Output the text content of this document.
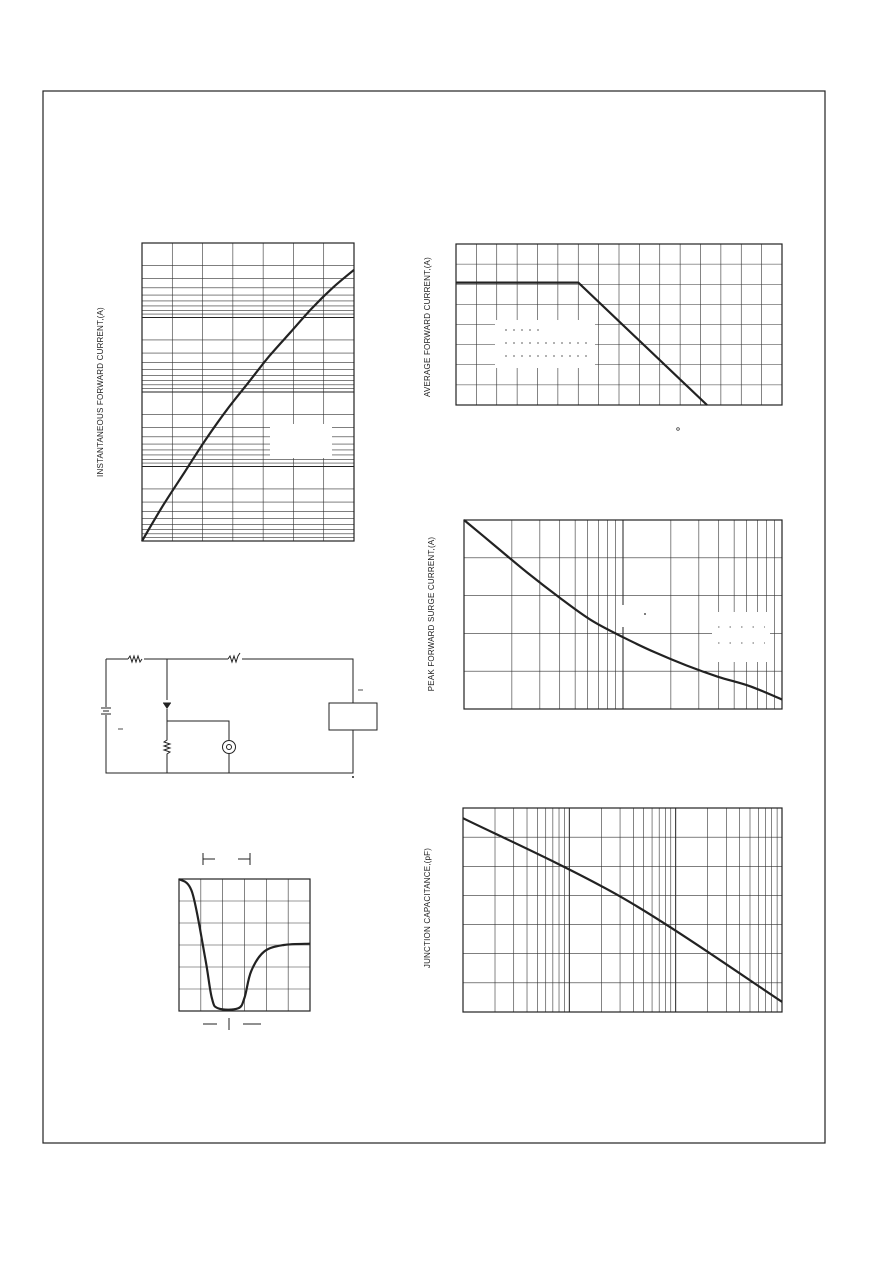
INSTANTANEOUS FORWARD CURRENT,(A)	AVERAGE FORWARD CURRENT,(A)
PEAK FORWARD SURGE CURRENT,(A)
JUNCTION CAPACITANCE,(pF)
